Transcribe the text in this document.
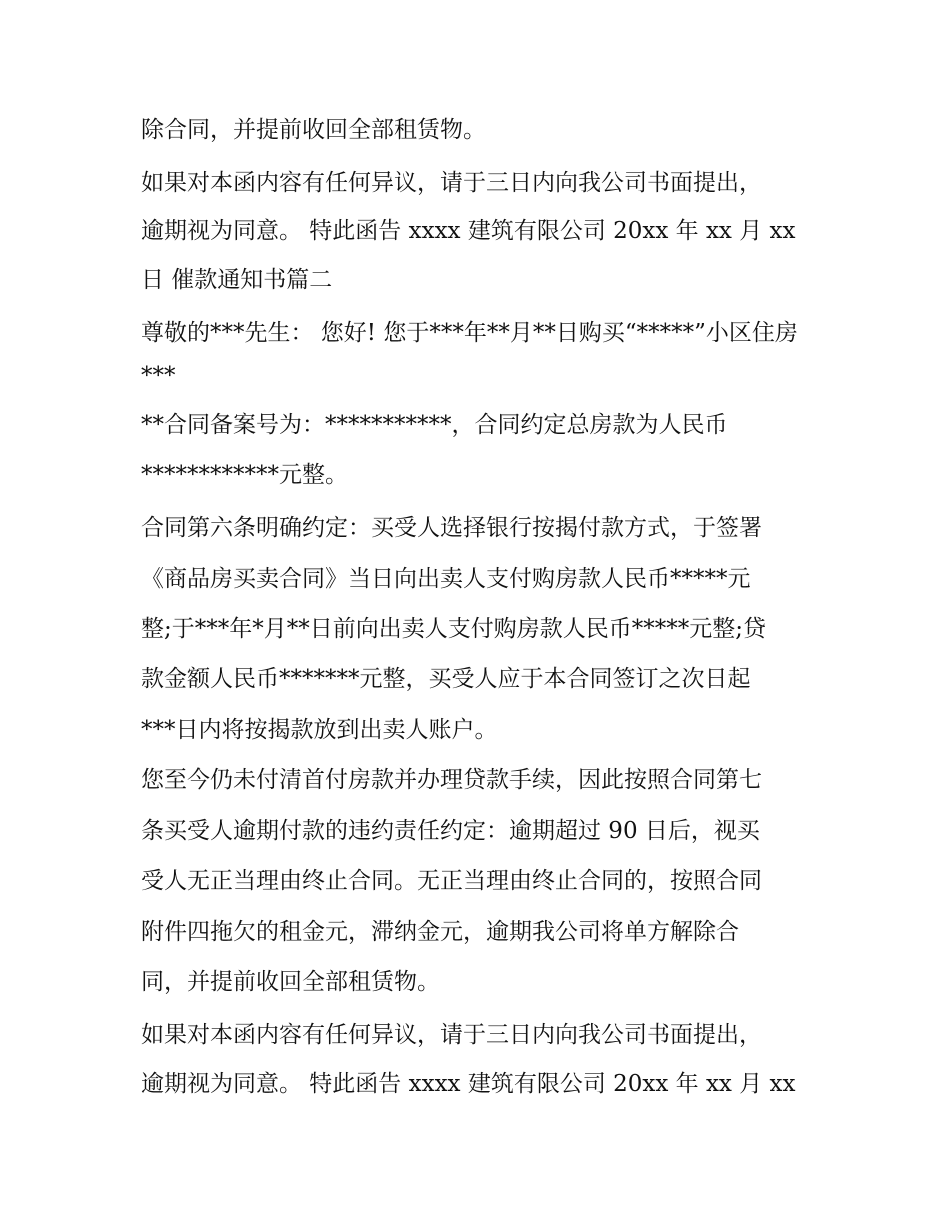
除合同，并提前收回全部租赁物。

如果对本函内容有任何异议，请于三日内向我公司书面提出，

逾期视为同意。 特此函告 xxxx 建筑有限公司 20xx 年 xx 月 xx

日 催款通知书篇二

尊敬的***先生： 您好! 您于***年**月**日购买“*****”小区住房

***

**合同备案号为：***********，合同约定总房款为人民币

************元整。

合同第六条明确约定：买受人选择银行按揭付款方式，于签署

《商品房买卖合同》当日向出卖人支付购房款人民币*****元

整;于***年*月**日前向出卖人支付购房款人民币*****元整;贷

款金额人民币*******元整，买受人应于本合同签订之次日起

***日内将按揭款放到出卖人账户。

您至今仍未付清首付房款并办理贷款手续，因此按照合同第七

条买受人逾期付款的违约责任约定：逾期超过 90 日后，视买

受人无正当理由终止合同。无正当理由终止合同的，按照合同

附件四拖欠的租金元，滞纳金元，逾期我公司将单方解除合

同，并提前收回全部租赁物。

如果对本函内容有任何异议，请于三日内向我公司书面提出，

逾期视为同意。 特此函告 xxxx 建筑有限公司 20xx 年 xx 月 xx
